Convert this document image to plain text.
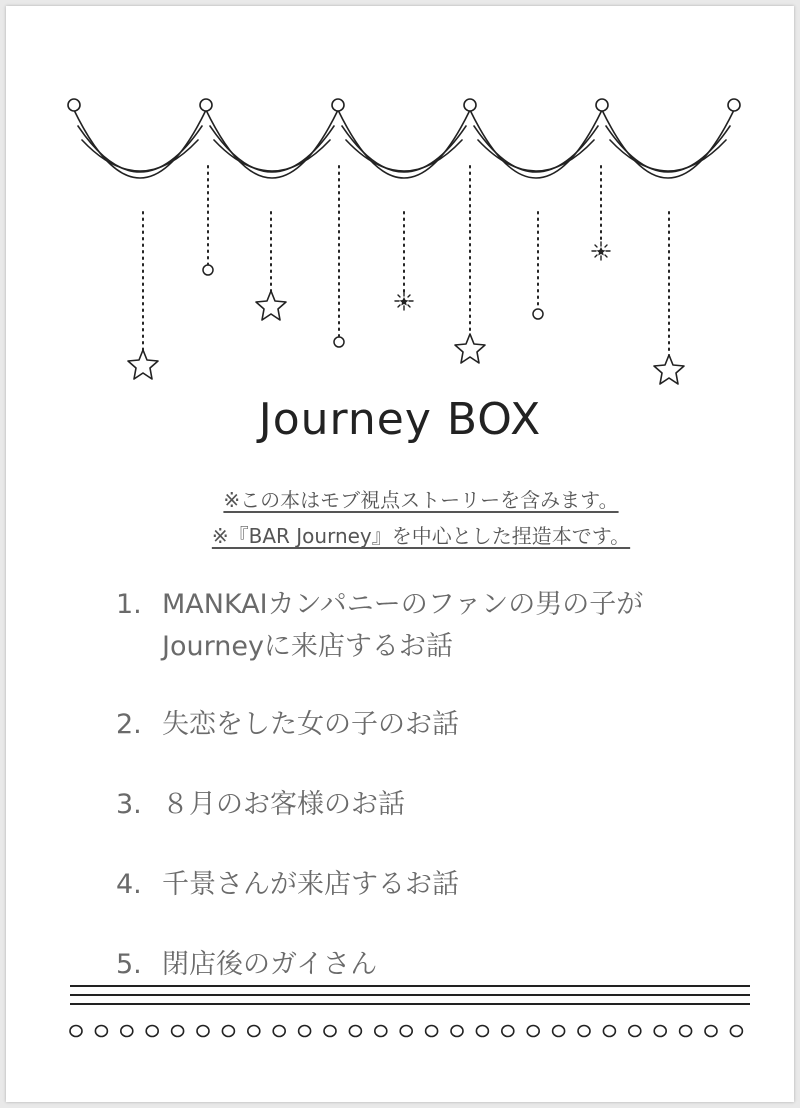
Journey BOX
※この本はモブ視点ストーリーを含みます。
※『BAR Journey』を中心とした捏造本です。
1. MANKAIカンパニーのファンの男の子が
Journeyに来店するお話
2. 失恋をした女の子のお話
3. ８月のお客様のお話
4. 千景さんが来店するお話
5. 閉店後のガイさん
